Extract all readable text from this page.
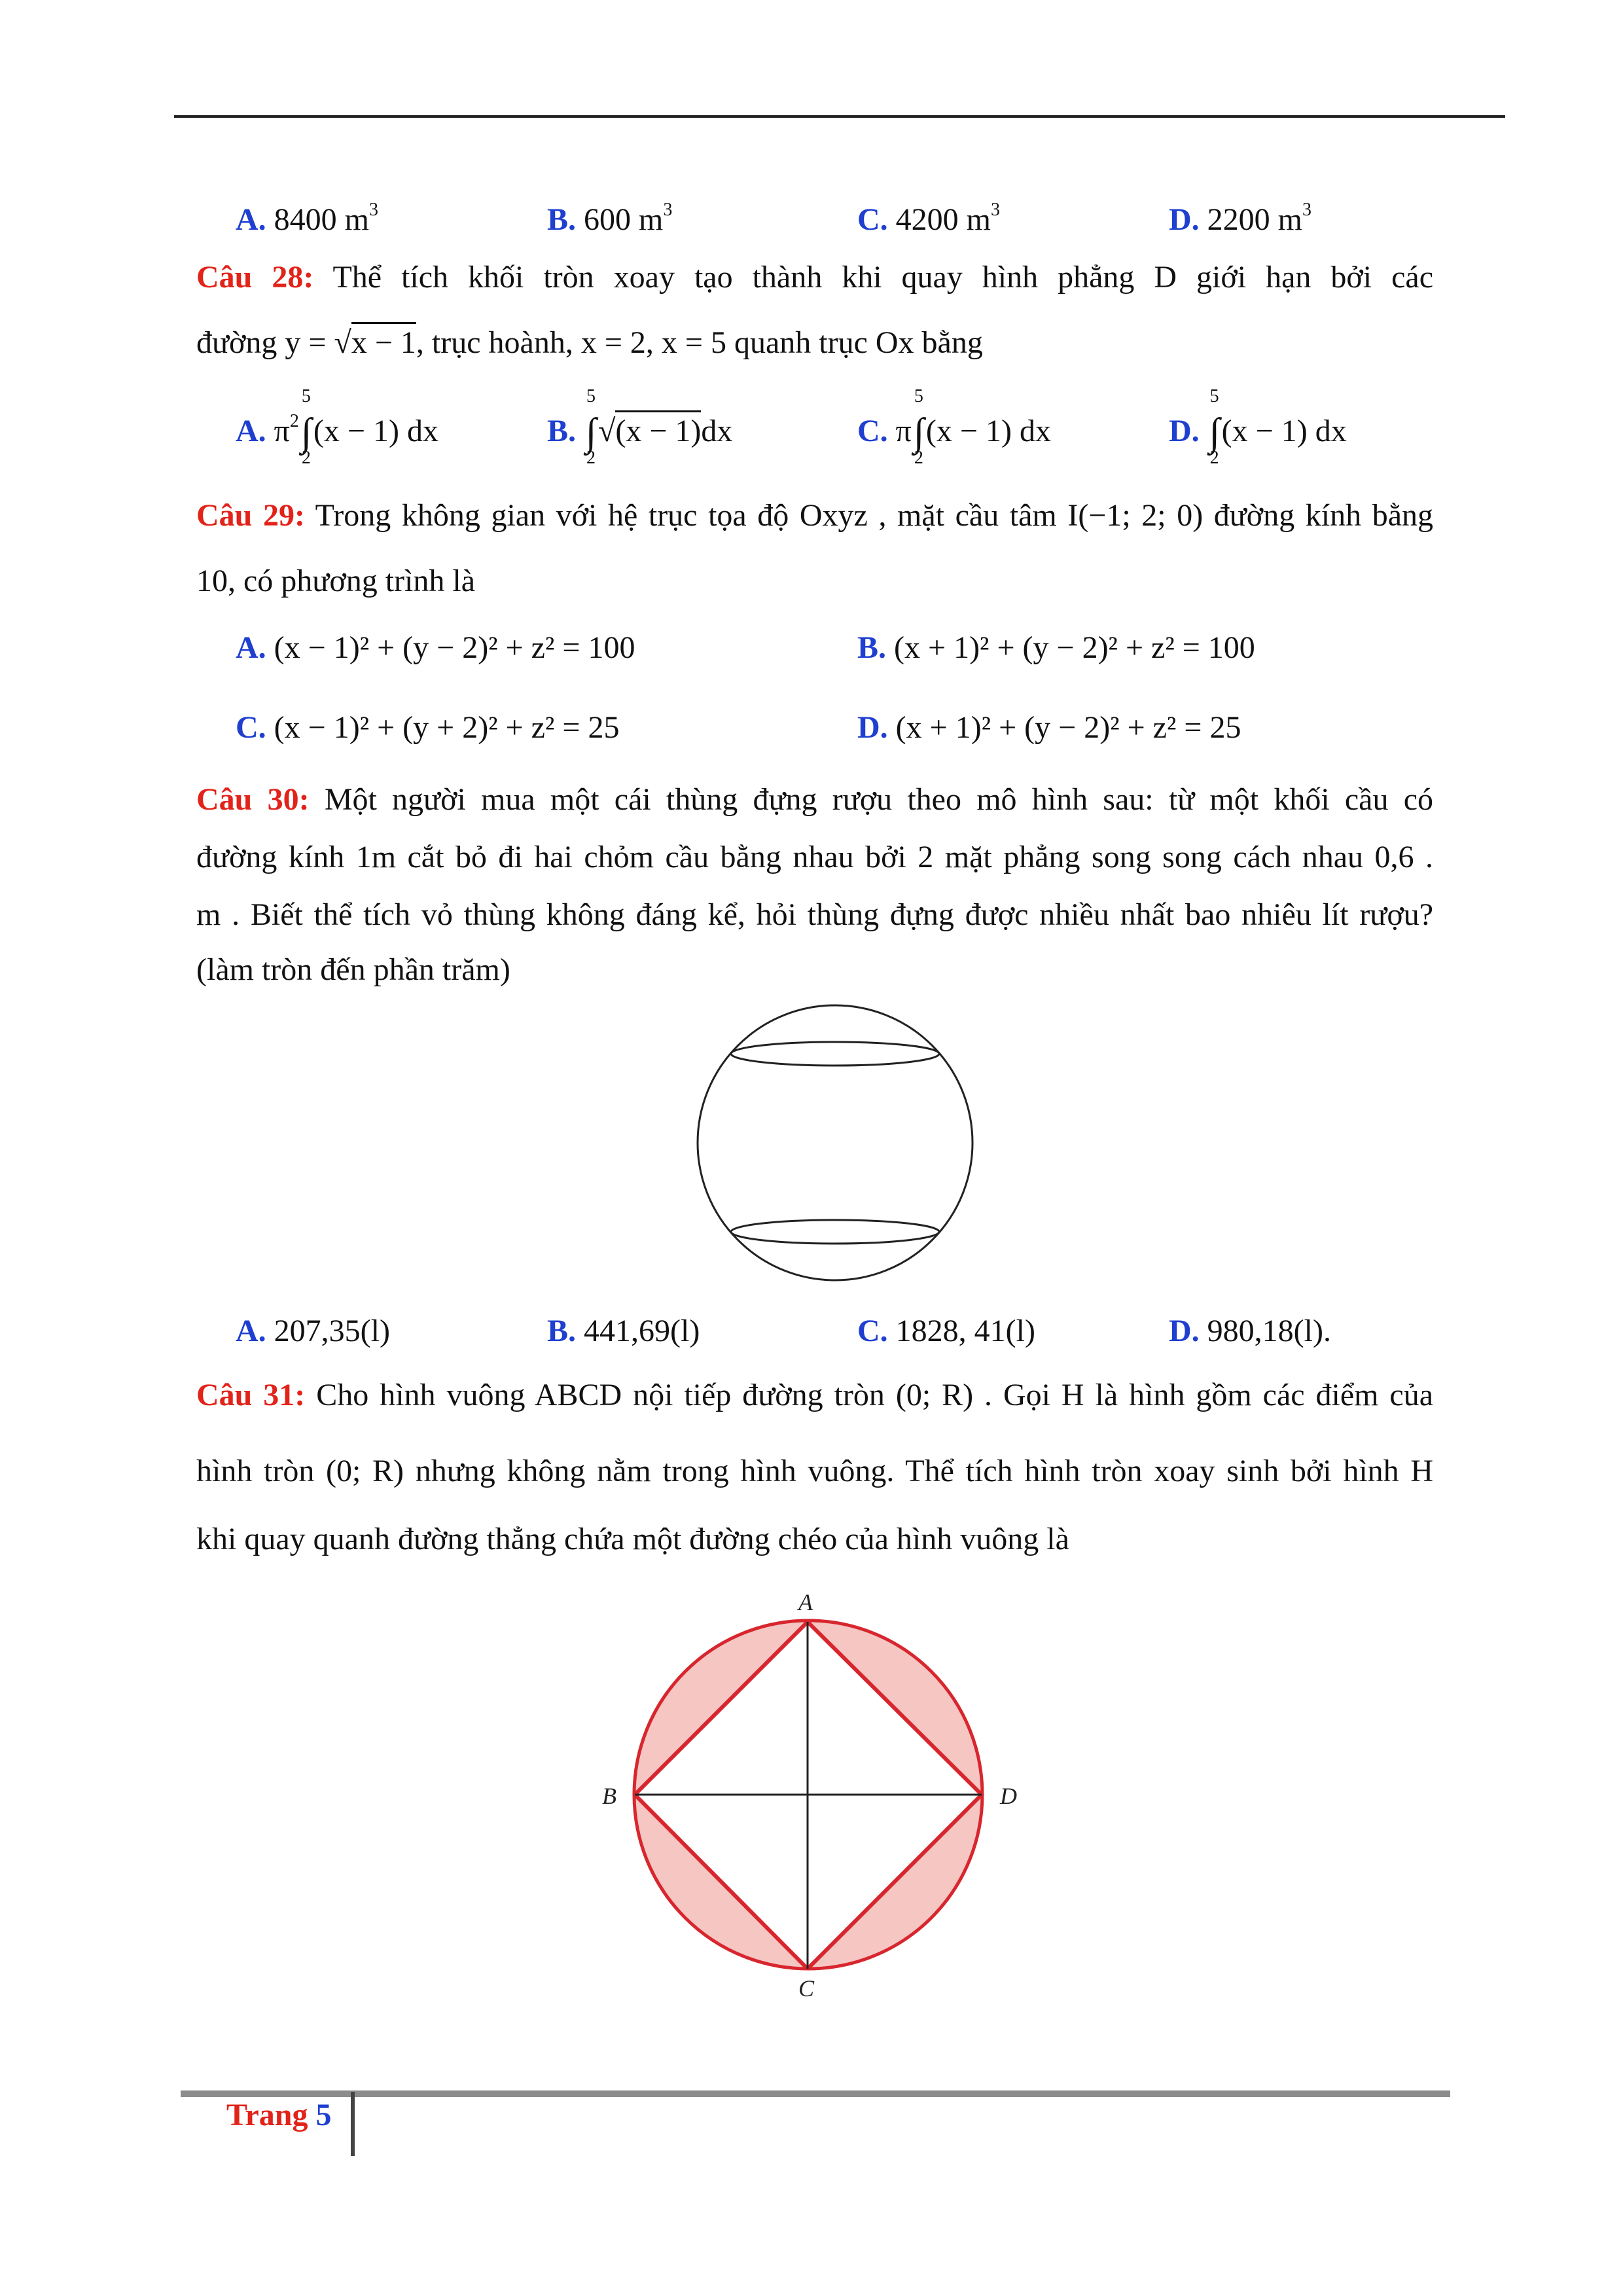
A. 8400 $m^3$	B. 600 $m^3$	C. 4200 $m^3$	D. 2200 $m^3$
Câu 28: Thể tích khối tròn xoay tạo thành khi quay hình phẳng D giới hạn bởi các
đường y = √x − 1, trục hoành, x = 2, x = 5 quanh trục Ox bằng
A. $\pi^2\int$
5
2
(x − 1) dx	B. ∫
5
2
√(x − 1)dx	C. π∫
5
2
(x − 1) dx	D. ∫
5
2
(x − 1) dx
Câu 29: Trong không gian với hệ trục tọa độ Oxyz , mặt cầu tâm I(−1; 2; 0) đường kính bằng
10, có phương trình là
A. (x − 1)² + (y − 2)² + z² = 100	B. (x + 1)² + (y − 2)² + z² = 100
C. (x − 1)² + (y + 2)² + z² = 25	D. (x + 1)² + (y − 2)² + z² = 25
Câu 30: Một người mua một cái thùng đựng rượu theo mô hình sau: từ một khối cầu có
đường kính 1m cắt bỏ đi hai chỏm cầu bằng nhau bởi 2 mặt phẳng song song cách nhau 0,6 .
m . Biết thể tích vỏ thùng không đáng kể, hỏi thùng đựng được nhiều nhất bao nhiêu lít rượu?
(làm tròn đến phần trăm)
A. 207,35(l)	B. 441,69(l)	C. 1828, 41(l)	D. 980,18(l).
Câu 31: Cho hình vuông ABCD nội tiếp đường tròn (0; R) . Gọi H là hình gồm các điểm của
hình tròn (0; R) nhưng không nằm trong hình vuông. Thể tích hình tròn xoay sinh bởi hình H
khi quay quanh đường thẳng chứa một đường chéo của hình vuông là
A
B
C
D
Trang 5
